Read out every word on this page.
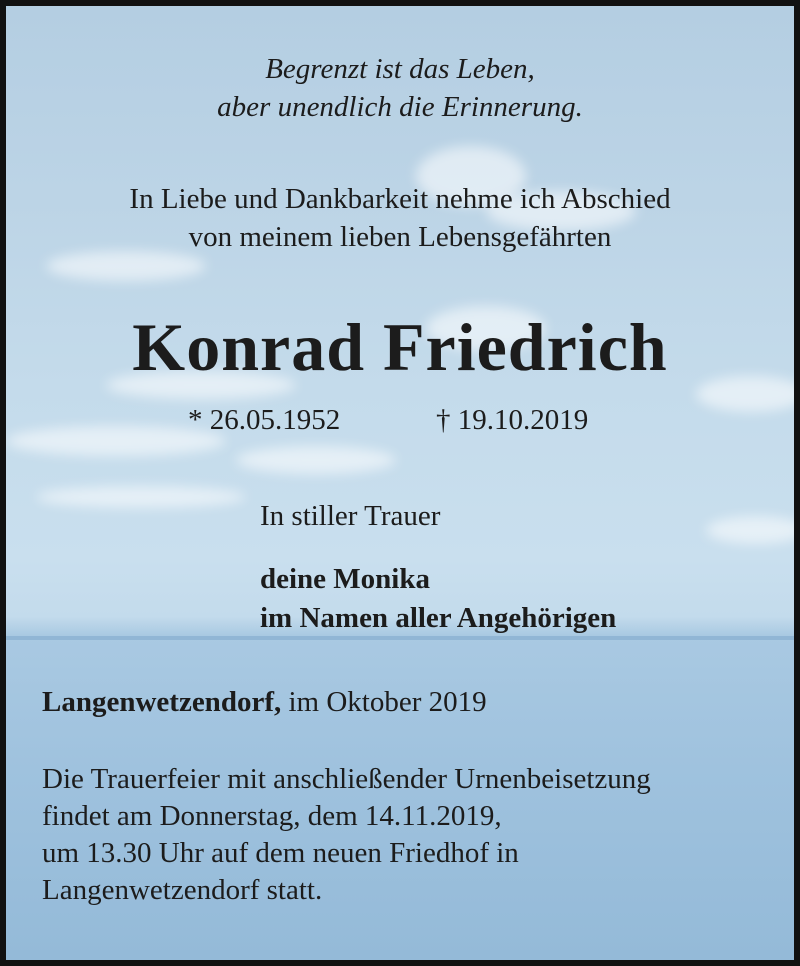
Begrenzt ist das Leben,
aber unendlich die Erinnerung.
In Liebe und Dankbarkeit nehme ich Abschied
von meinem lieben Lebensgefährten
Konrad Friedrich
* 26.05.1952	† 19.10.2019
In stiller Trauer
deine Monika
im Namen aller Angehörigen
Langenwetzendorf, im Oktober 2019
Die Trauerfeier mit anschließender Urnenbeisetzung
findet am Donnerstag, dem 14.11.2019,
um 13.30 Uhr auf dem neuen Friedhof in
Langenwetzendorf statt.
